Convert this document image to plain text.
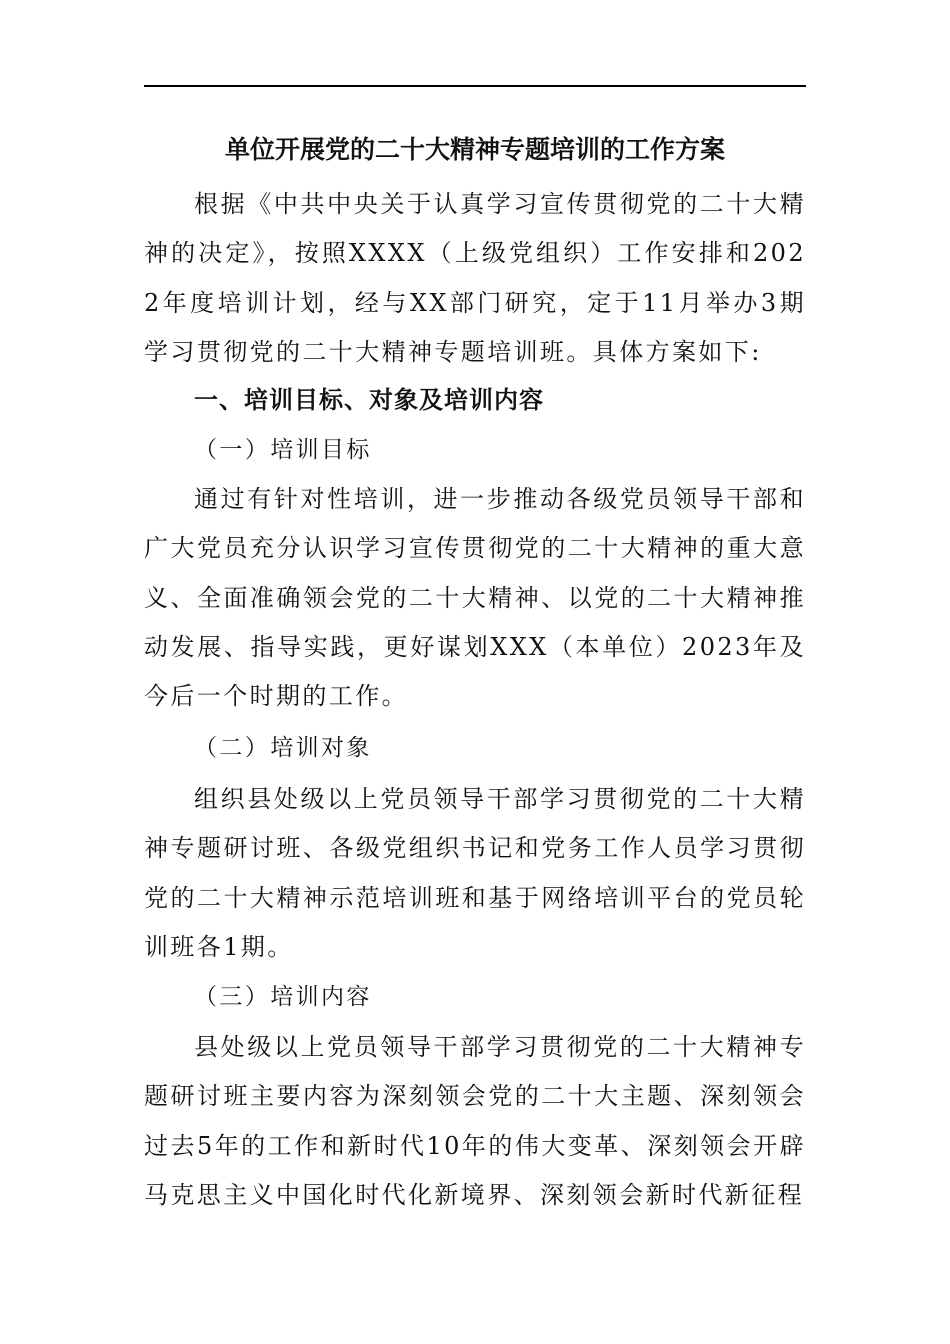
单位开展党的二十大精神专题培训的工作方案

根据《中共中央关于认真学习宣传贯彻党的二十大精神的决定》，按照XXXX（上级党组织）工作安排和2022年度培训计划，经与XX部门研究，定于11月举办3期学习贯彻党的二十大精神专题培训班。具体方案如下:

一、培训目标、对象及培训内容
（一）培训目标

通过有针对性培训，进一步推动各级党员领导干部和广大党员充分认识学习宣传贯彻党的二十大精神的重大意义、全面准确领会党的二十大精神、以党的二十大精神推动发展、指导实践，更好谋划XXX（本单位）2023年及今后一个时期的工作。

（二）培训对象

组织县处级以上党员领导干部学习贯彻党的二十大精神专题研讨班、各级党组织书记和党务工作人员学习贯彻党的二十大精神示范培训班和基于网络培训平台的党员轮训班各1期。

（三）培训内容

县处级以上党员领导干部学习贯彻党的二十大精神专题研讨班主要内容为深刻领会党的二十大主题、深刻领会过去5年的工作和新时代10年的伟大变革、深刻领会开辟马克思主义中国化时代化新境界、深刻领会新时代新征程
